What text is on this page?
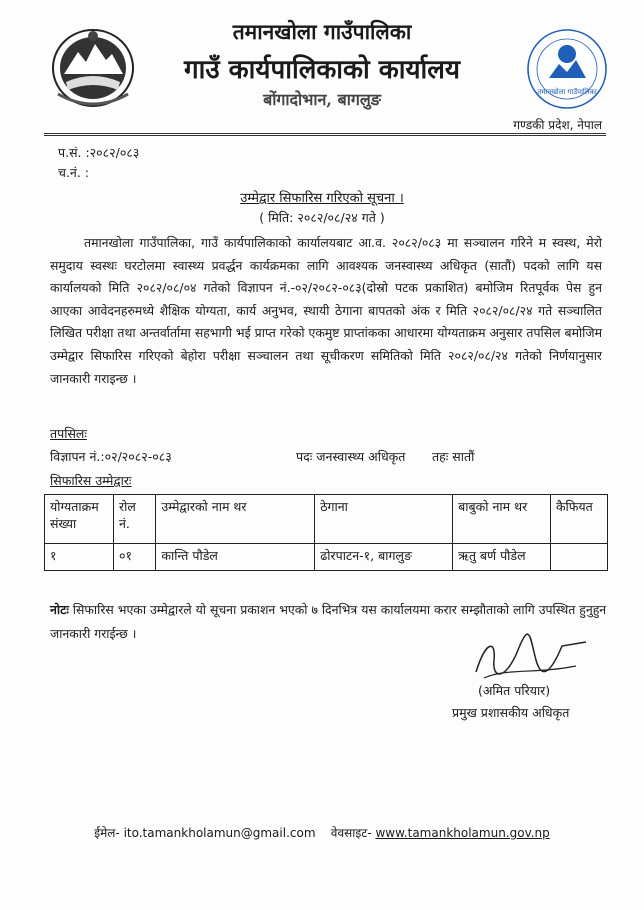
तमानखोला गाउँपालिका
गाउँ कार्यपालिकाको कार्यालय
बोंगादोभान, बागलुङ	तमानखोला गाउँपालिका
गण्डकी प्रदेश, नेपाल
प.सं. :२०८२/०८३
च.नं. :
उम्मेद्वार सिफारिस गरिएको सूचना ।
( मिति: २०८२/०८/२४ गते )
तमानखोला गाउँपालिका, गाउँ कार्यपालिकाको कार्यालयबाट आ.व. २०८२/०८३ मा सञ्चालन गरिने म स्वस्थ, मेरो समुदाय स्वस्थः घरटोलमा स्वास्थ्य प्रवर्द्धन कार्यक्रमका लागि आवश्यक जनस्वास्थ्य अधिकृत (सातौं) पदको लागि यस कार्यालयको मिति २०८२/०८/०४ गतेको विज्ञापन नं.-०२/२०८२-०८३(दोस्रो पटक प्रकाशित) बमोजिम रितपूर्वक पेस हुन आएका आवेदनहरुमध्ये शैक्षिक योग्यता, कार्य अनुभव, स्थायी ठेगाना बापतको अंक र मिति २०८२/०८/२४ गते सञ्चालित लिखित परीक्षा तथा अन्तर्वार्तामा सहभागी भई प्राप्त गरेको एकमुष्ट प्राप्तांकका आधारमा योग्यताक्रम अनुसार तपसिल बमोजिम उम्मेद्वार सिफारिस गरिएको बेहोरा परीक्षा सञ्चालन तथा सूचीकरण समितिको मिति २०८२/०८/२४ गतेको निर्णयानुसार जानकारी गराइन्छ ।
तपसिलः
विज्ञापन नं.:०२/२०८२-०८३	पदः जनस्वास्थ्य अधिकृत तहः सातौं
सिफारिस उम्मेद्वारः
योग्यताक्रम संख्या	रोल नं.	उम्मेद्वारको नाम थर	ठेगाना	बाबुको नाम थर	कैफियत
१	०१	कान्ति पौडेल	ढोरपाटन-१, बागलुङ	ऋतु बर्ण पौडेल	
नोटः सिफारिस भएका उम्मेद्वारले यो सूचना प्रकाशन भएको ७ दिनभित्र यस कार्यालयमा करार सम्झौताको लागि उपस्थित हुनुहुन जानकारी गराईन्छ ।
(अमित परियार)
प्रमुख प्रशासकीय अधिकृत
ईमेल- ito.tamankholamun@gmail.com वेवसाइट- www.tamankholamun.gov.np
